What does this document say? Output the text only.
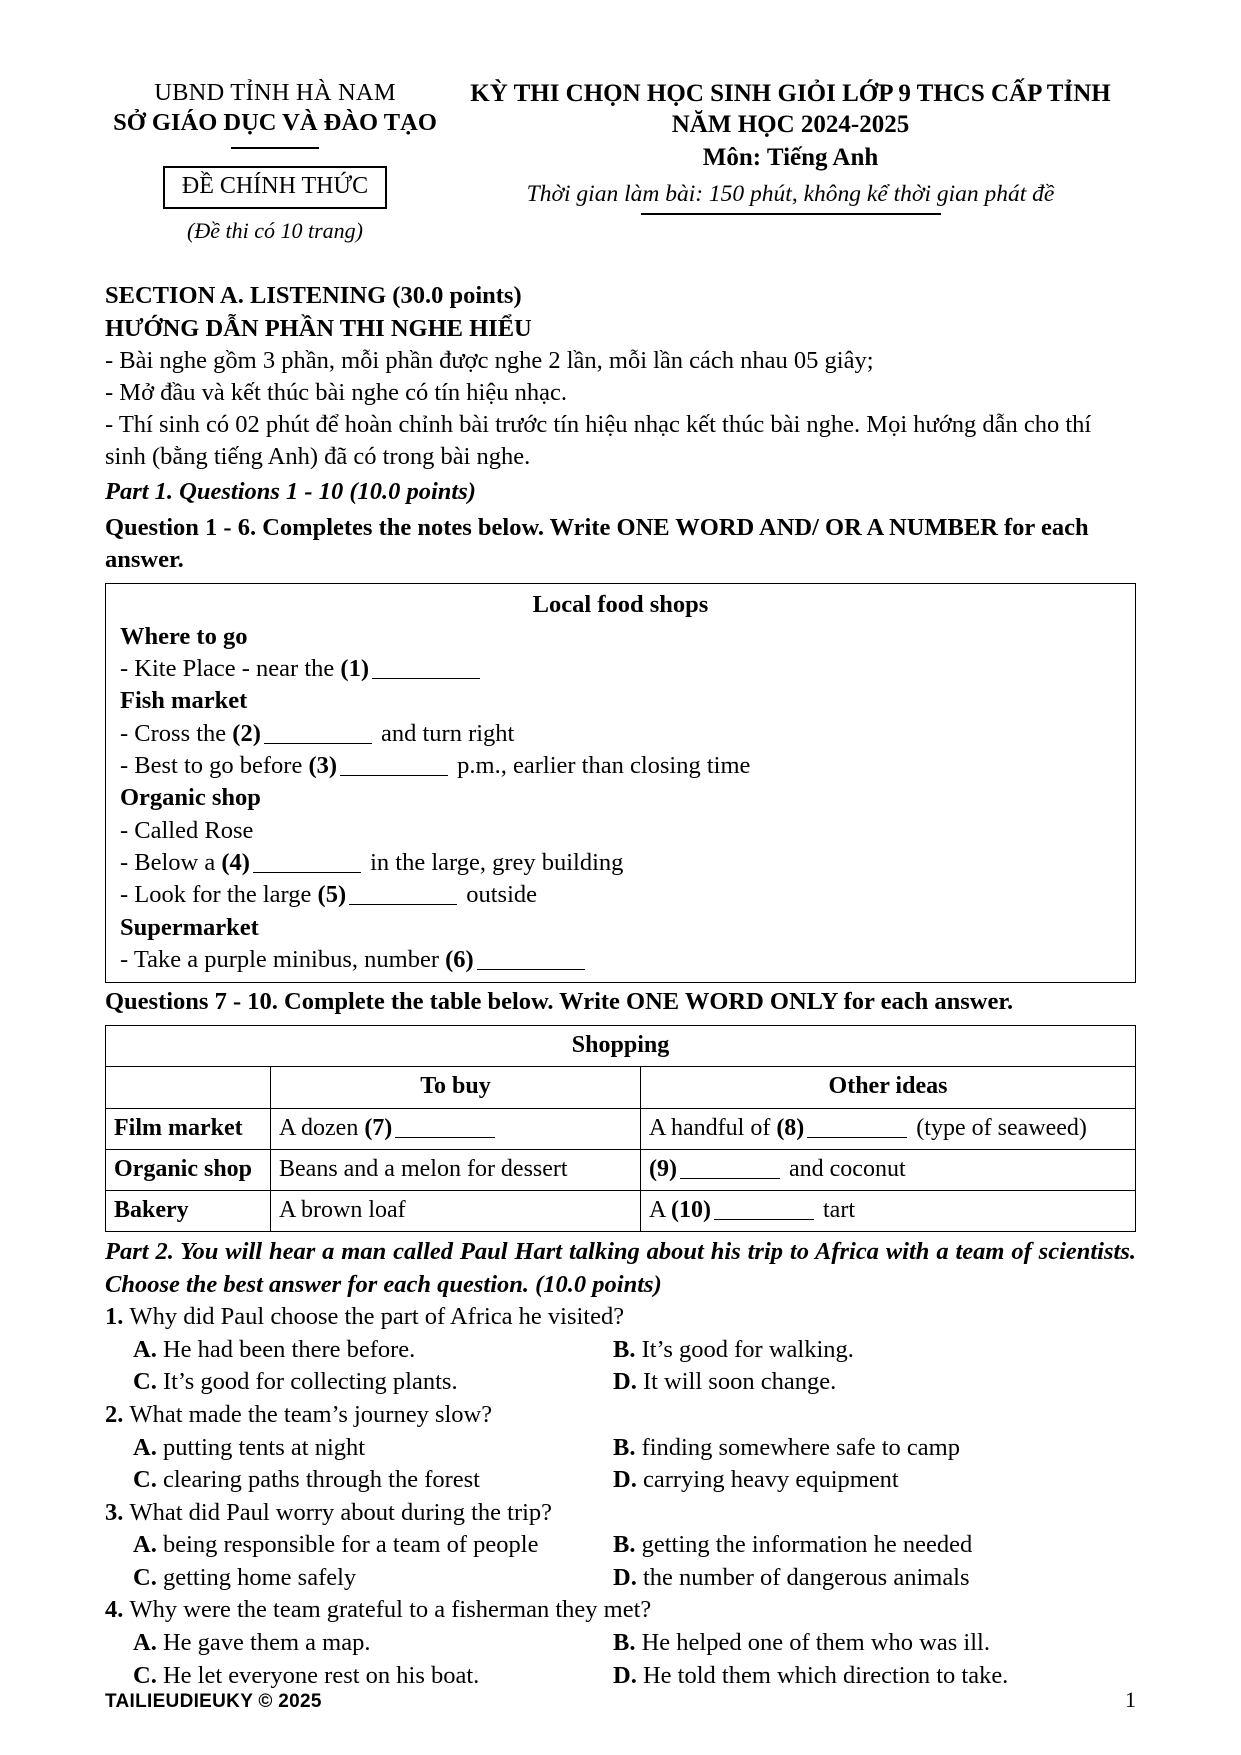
UBND TỈNH HÀ NAM
SỞ GIÁO DỤC VÀ ĐÀO TẠO
ĐỀ CHÍNH THỨC
(Đề thi có 10 trang)
KỲ THI CHỌN HỌC SINH GIỎI LỚP 9 THCS CẤP TỈNH
NĂM HỌC 2024-2025
Môn: Tiếng Anh
Thời gian làm bài: 150 phút, không kể thời gian phát đề
SECTION A. LISTENING (30.0 points)
HƯỚNG DẪN PHẦN THI NGHE HIỂU
- Bài nghe gồm 3 phần, mỗi phần được nghe 2 lần, mỗi lần cách nhau 05 giây;
- Mở đầu và kết thúc bài nghe có tín hiệu nhạc.
- Thí sinh có 02 phút để hoàn chỉnh bài trước tín hiệu nhạc kết thúc bài nghe. Mọi hướng dẫn cho thí sinh (bằng tiếng Anh) đã có trong bài nghe.
Part 1. Questions 1 - 10 (10.0 points)
Question 1 - 6. Completes the notes below. Write ONE WORD AND/ OR A NUMBER for each answer.
Local food shops
Where to go
- Kite Place - near the (1)
Fish market
- Cross the (2)	and turn right
- Best to go before (3)	p.m., earlier than closing time
Organic shop
- Called Rose
- Below a (4)	in the large, grey building
- Look for the large (5)	outside
Supermarket
- Take a purple minibus, number (6)
Questions 7 - 10. Complete the table below. Write ONE WORD ONLY for each answer.
Shopping		
	To buy	Other ideas
Film market	A dozen (7)	A handful of (8) (type of seaweed)
Organic shop	Beans and a melon for dessert	(9) and coconut
Bakery	A brown loaf	A (10) tart
Part 2. You will hear a man called Paul Hart talking about his trip to Africa with a team of scientists. Choose the best answer for each question. (10.0 points)
1. Why did Paul choose the part of Africa he visited?
A. He had been there before.	B. It’s good for walking.
C. It’s good for collecting plants.	D. It will soon change.
2. What made the team’s journey slow?
A. putting tents at night	B. finding somewhere safe to camp
C. clearing paths through the forest	D. carrying heavy equipment
3. What did Paul worry about during the trip?
A. being responsible for a team of people	B. getting the information he needed
C. getting home safely	D. the number of dangerous animals
4. Why were the team grateful to a fisherman they met?
A. He gave them a map.	B. He helped one of them who was ill.
C. He let everyone rest on his boat.	D. He told them which direction to take.
TAILIEUDIEUKY © 2025	1
